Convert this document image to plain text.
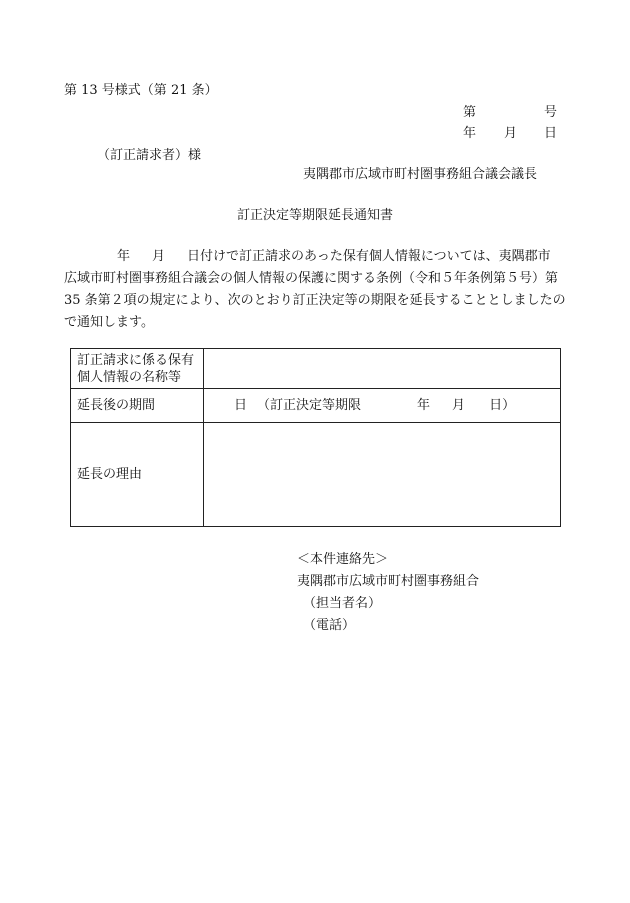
第 13 号様式（第 21 条）
第	号
年 月 日
（訂正請求者）様
夷隅郡市広域市町村圏事務組合議会議長
訂正決定等期限延長通知書
年 月 日付けで訂正請求のあった保有個人情報については、夷隅郡市
広域市町村圏事務組合議会の個人情報の保護に関する条例（令和５年条例第５号）第
35 条第２項の規定により、次のとおり訂正決定等の期限を延長することとしましたの
で通知します。
訂正請求に係る保有
個人情報の名称等	

延長後の期間	日 （訂正決定等期限 年 月 日）
延長の理由	
＜本件連絡先＞
夷隅郡市広域市町村圏事務組合
（担当者名）
（電話）
